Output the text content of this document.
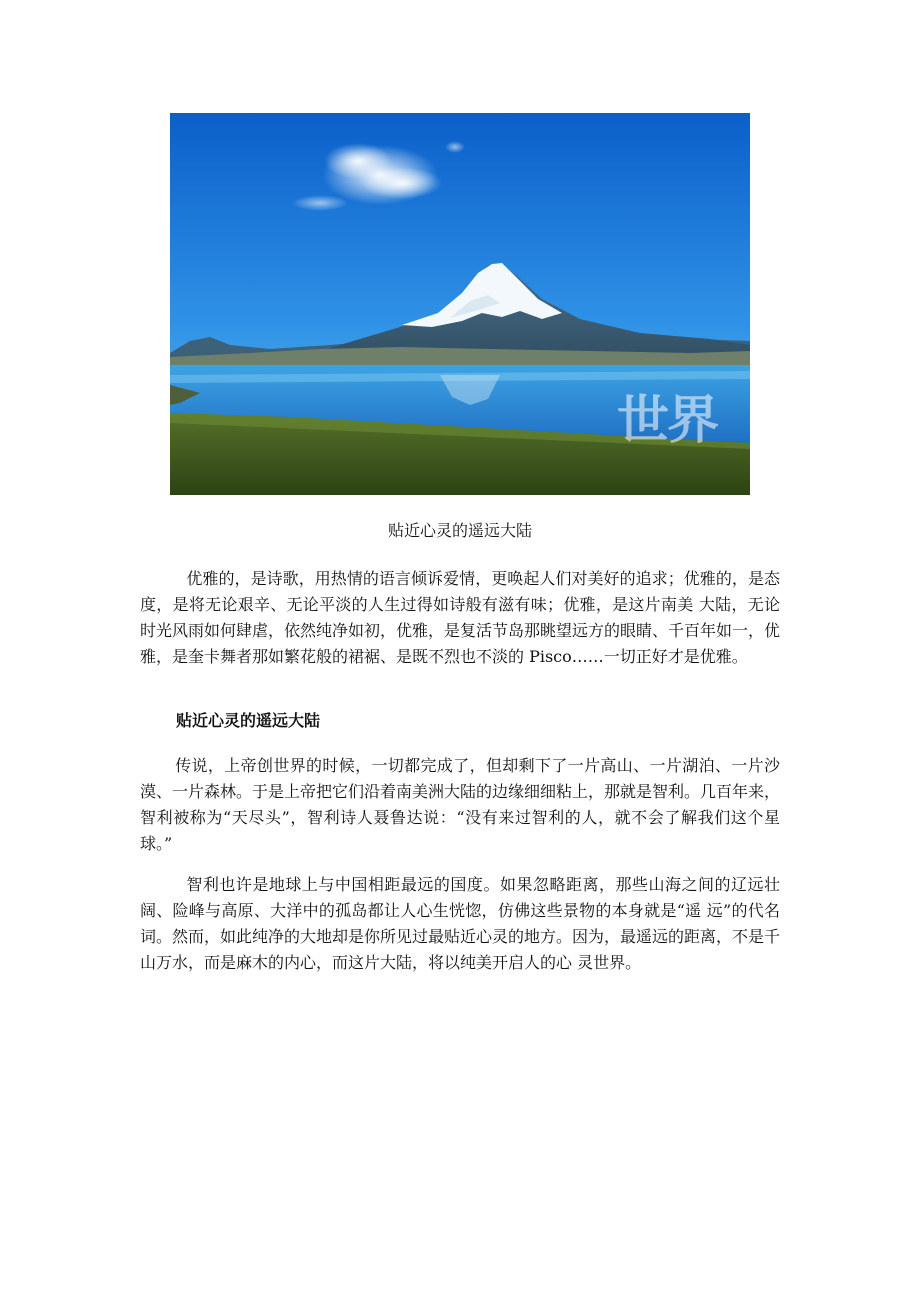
世界
贴近心灵的遥远大陆

优雅的，是诗歌，用热情的语言倾诉爱情，更唤起人们对美好的追求；优雅的，是态度，是将无论艰辛、无论平淡的人生过得如诗般有滋有味；优雅，是这片南美 大陆，无论时光风雨如何肆虐，依然纯净如初，优雅，是复活节岛那眺望远方的眼睛、千百年如一，优雅，是奎卡舞者那如繁花般的裙裾、是既不烈也不淡的 Pisco……一切正好才是优雅。

贴近心灵的遥远大陆

传说，上帝创世界的时候，一切都完成了，但却剩下了一片高山、一片湖泊、一片沙漠、一片森林。于是上帝把它们沿着南美洲大陆的边缘细细粘上，那就是智利。几百年来，智利被称为“天尽头”，智利诗人聂鲁达说：“没有来过智利的人，就不会了解我们这个星球。”

智利也许是地球上与中国相距最远的国度。如果忽略距离，那些山海之间的辽远壮阔、险峰与高原、大洋中的孤岛都让人心生恍惚，仿佛这些景物的本身就是“遥 远”的代名词。然而，如此纯净的大地却是你所见过最贴近心灵的地方。因为，最遥远的距离，不是千山万水，而是麻木的内心，而这片大陆，将以纯美开启人的心 灵世界。
